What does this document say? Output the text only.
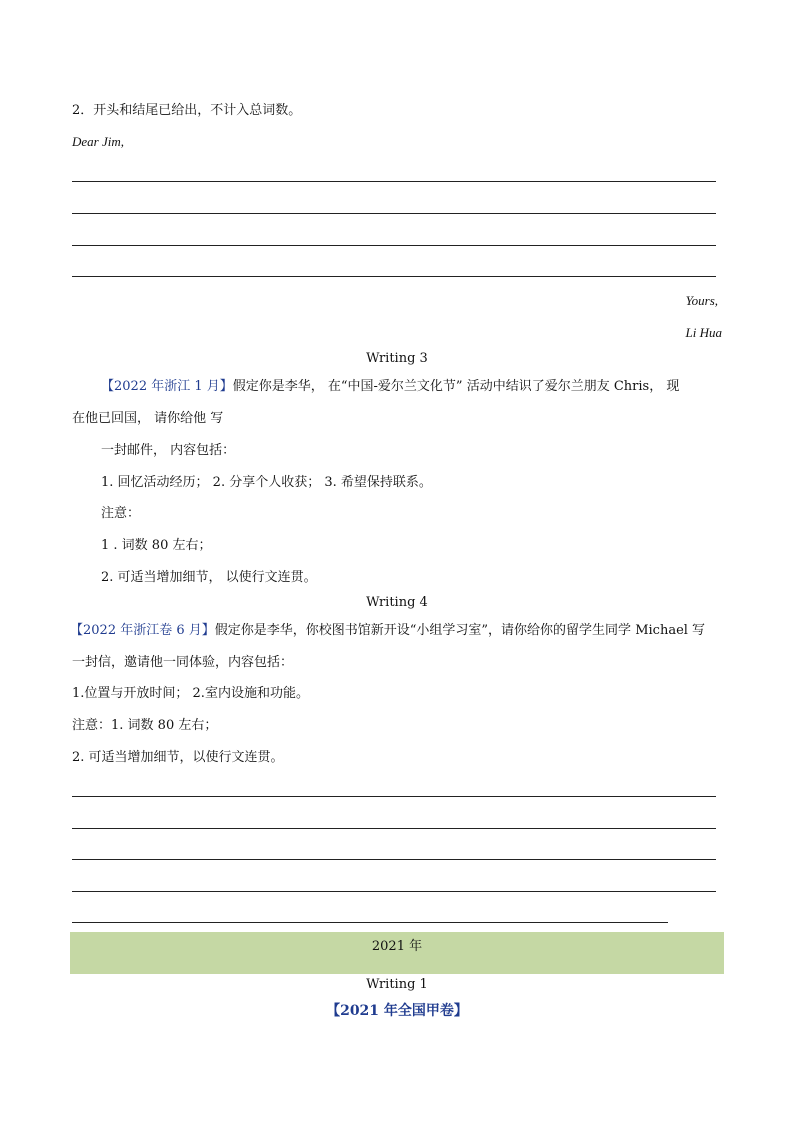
2．开头和结尾已给出，不计入总词数。
Dear Jim,
Yours,
Li Hua
Writing 3
【2022 年浙江 1 月】假定你是李华， 在“中国-爱尔兰文化节” 活动中结识了爱尔兰朋友 Chris， 现
在他已回国， 请你给他 写
一封邮件， 内容包括：
1. 回忆活动经历； 2. 分享个人收获； 3. 希望保持联系。
注意：
1 . 词数 80 左右；
2. 可适当增加细节， 以使行文连贯。
Writing 4
【2022 年浙江卷 6 月】假定你是李华，你校图书馆新开设“小组学习室”，请你给你的留学生同学 Michael 写
一封信，邀请他一同体验，内容包括：
1.位置与开放时间； 2.室内设施和功能。
注意：1. 词数 80 左右；
2. 可适当增加细节，以使行文连贯。
2021 年
Writing 1
【2021 年全国甲卷】
